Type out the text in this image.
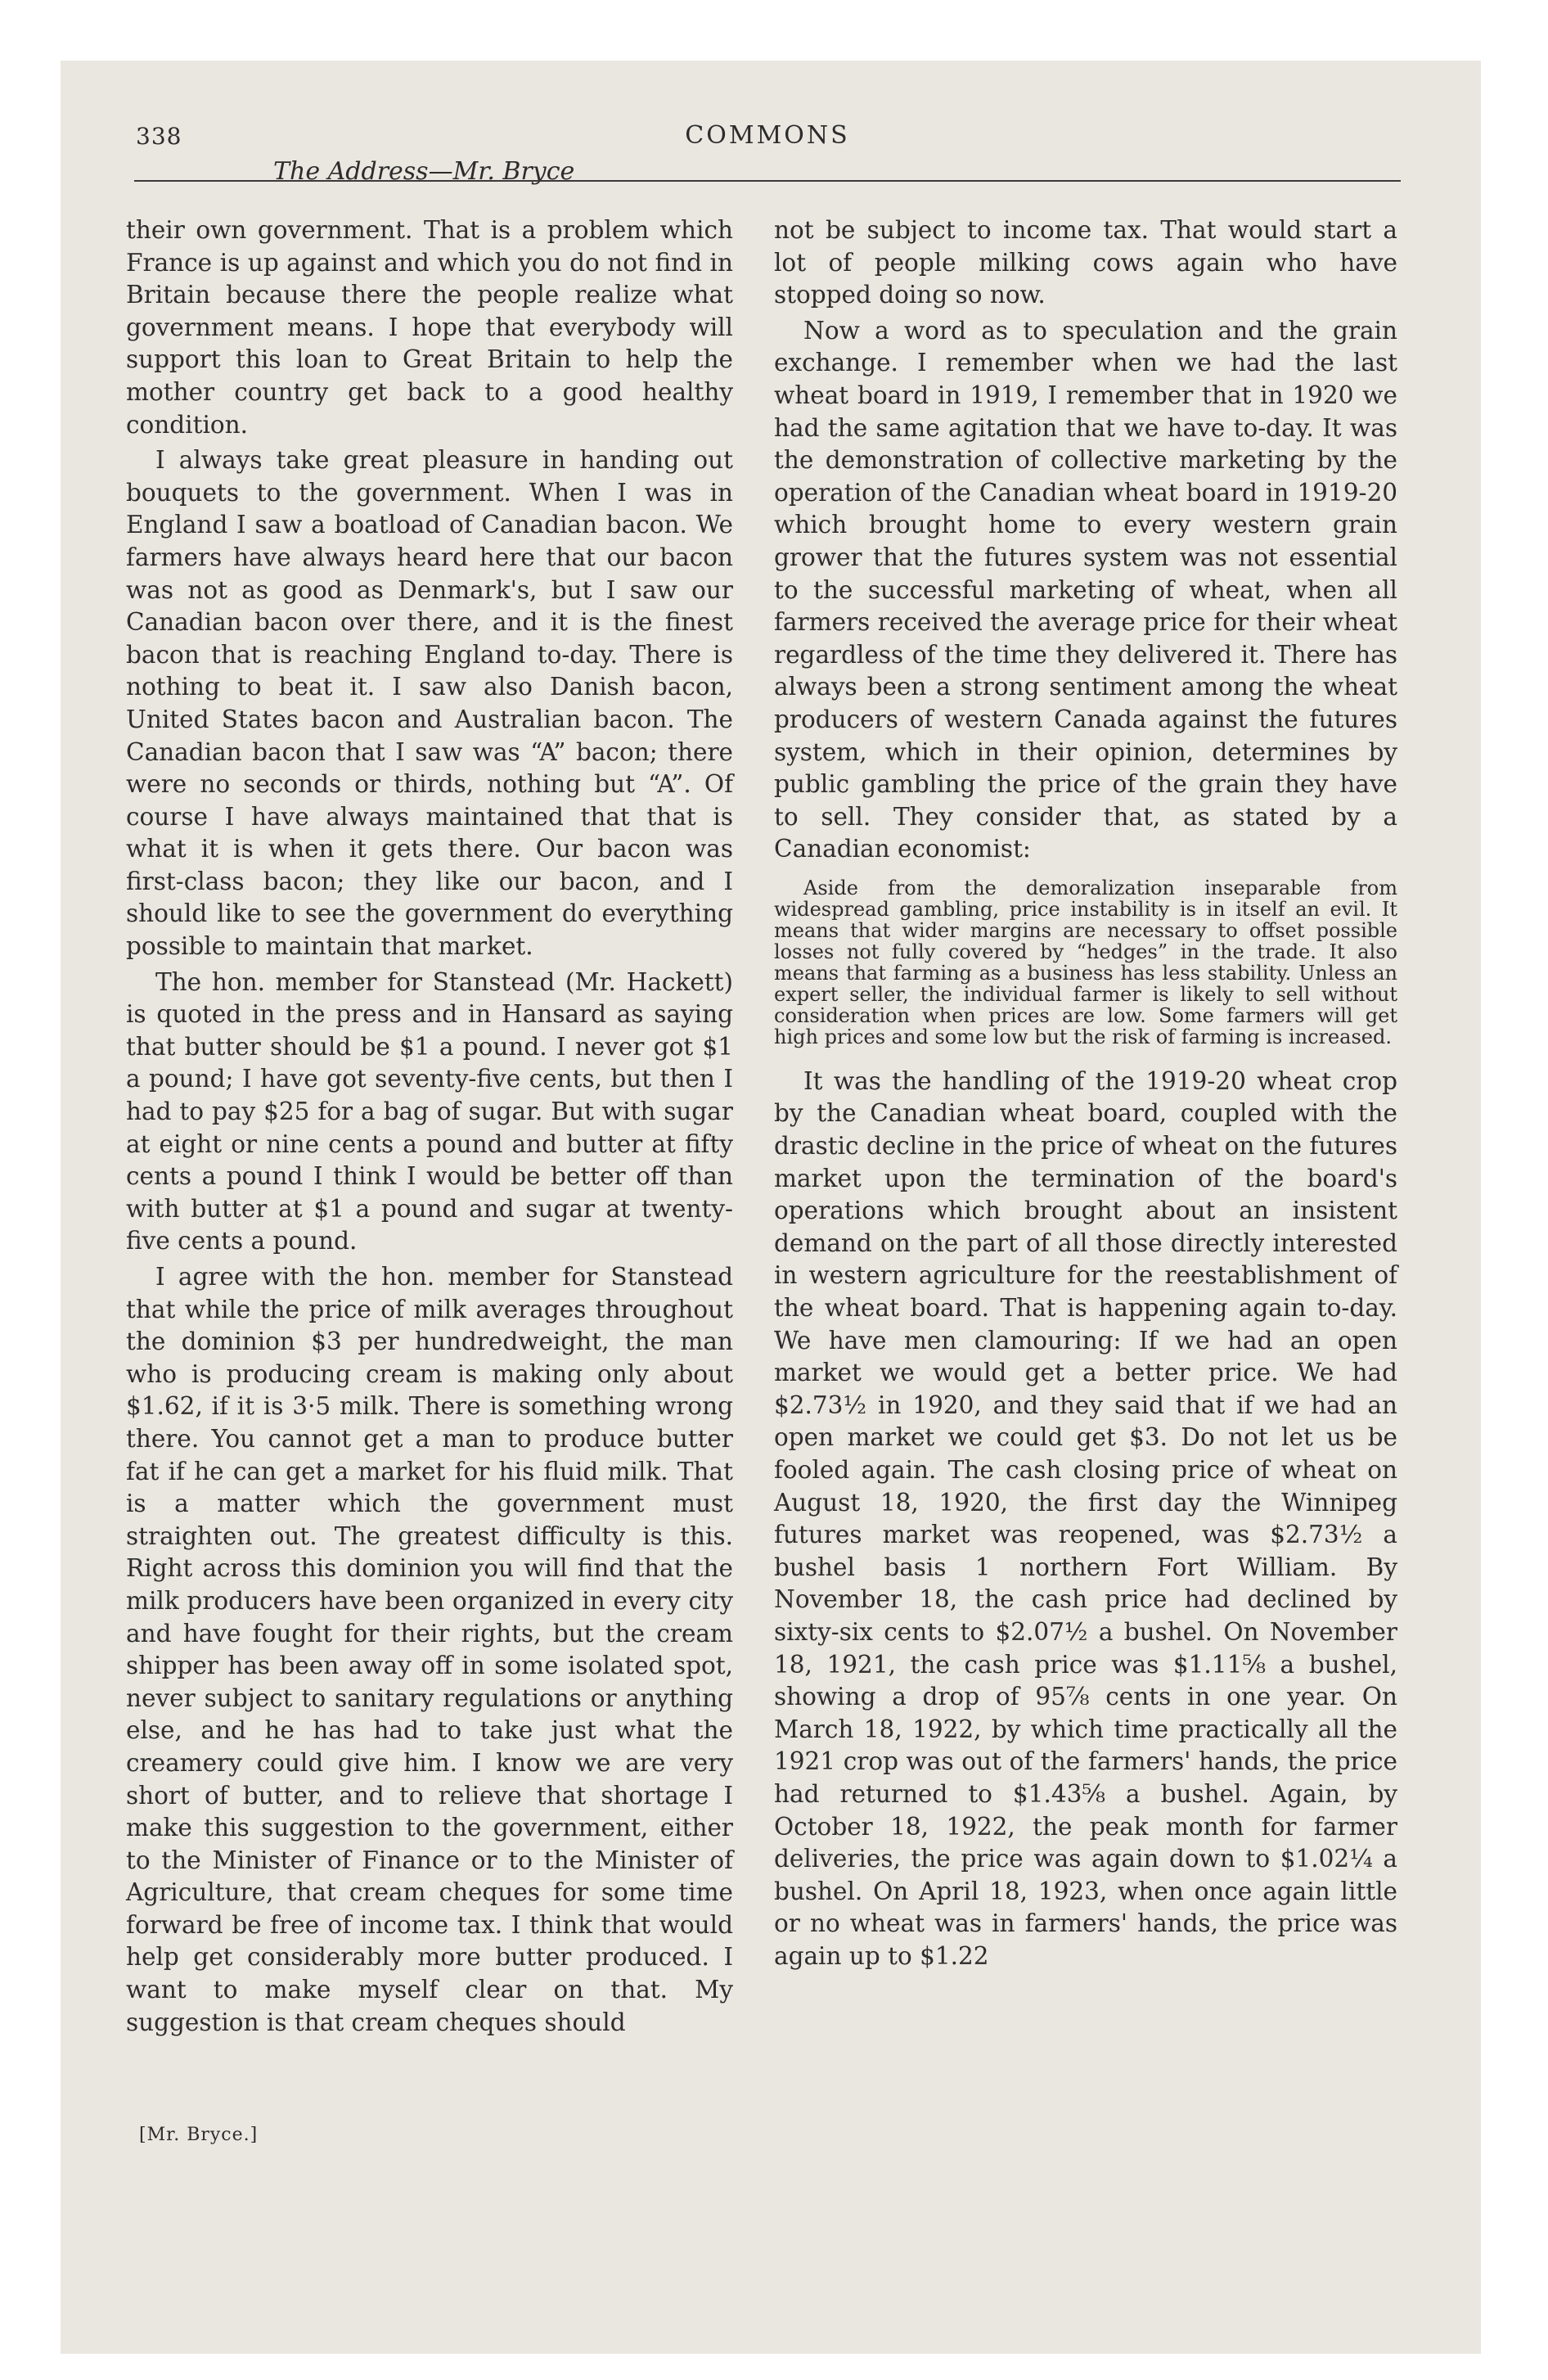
338	COMMONS
The Address—Mr. Bryce

their own government. That is a problem which France is up against and which you do not find in Britain because there the people realize what government means. I hope that everybody will support this loan to Great Britain to help the mother country get back to a good healthy condition.

I always take great pleasure in handing out bouquets to the government. When I was in England I saw a boatload of Canadian bacon. We farmers have always heard here that our bacon was not as good as Denmark's, but I saw our Canadian bacon over there, and it is the finest bacon that is reaching England to-day. There is nothing to beat it. I saw also Danish bacon, United States bacon and Australian bacon. The Canadian bacon that I saw was “A” bacon; there were no seconds or thirds, nothing but “A”. Of course I have always maintained that that is what it is when it gets there. Our bacon was first-class bacon; they like our bacon, and I should like to see the government do everything possible to maintain that market.

The hon. member for Stanstead (Mr. Hackett) is quoted in the press and in Hansard as saying that butter should be $1 a pound. I never got $1 a pound; I have got seventy-five cents, but then I had to pay $25 for a bag of sugar. But with sugar at eight or nine cents a pound and butter at fifty cents a pound I think I would be better off than with butter at $1 a pound and sugar at twenty-five cents a pound.

I agree with the hon. member for Stanstead that while the price of milk averages throughout the dominion $3 per hundredweight, the man who is producing cream is making only about $1.62, if it is 3·5 milk. There is something wrong there. You cannot get a man to produce butter fat if he can get a market for his fluid milk. That is a matter which the government must straighten out. The greatest difficulty is this. Right across this dominion you will find that the milk producers have been organized in every city and have fought for their rights, but the cream shipper has been away off in some isolated spot, never subject to sanitary regulations or anything else, and he has had to take just what the creamery could give him. I know we are very short of butter, and to relieve that shortage I make this suggestion to the government, either to the Minister of Finance or to the Minister of Agriculture, that cream cheques for some time forward be free of income tax. I think that would help get considerably more butter produced. I want to make myself clear on that. My suggestion is that cream cheques should

not be subject to income tax. That would start a lot of people milking cows again who have stopped doing so now.

Now a word as to speculation and the grain exchange. I remember when we had the last wheat board in 1919, I remember that in 1920 we had the same agitation that we have to-day. It was the demonstration of collective marketing by the operation of the Canadian wheat board in 1919-20 which brought home to every western grain grower that the futures system was not essential to the successful marketing of wheat, when all farmers received the average price for their wheat regardless of the time they delivered it. There has always been a strong sentiment among the wheat producers of western Canada against the futures system, which in their opinion, determines by public gambling the price of the grain they have to sell. They consider that, as stated by a Canadian economist:

Aside from the demoralization inseparable from widespread gambling, price instability is in itself an evil. It means that wider margins are necessary to offset possible losses not fully covered by “hedges” in the trade. It also means that farming as a business has less stability. Unless an expert seller, the individual farmer is likely to sell without consideration when prices are low. Some farmers will get high prices and some low but the risk of farming is increased.

It was the handling of the 1919-20 wheat crop by the Canadian wheat board, coupled with the drastic decline in the price of wheat on the futures market upon the termination of the board's operations which brought about an insistent demand on the part of all those directly interested in western agriculture for the reestablishment of the wheat board. That is happening again to-day. We have men clamouring: If we had an open market we would get a better price. We had $2.73½ in 1920, and they said that if we had an open market we could get $3. Do not let us be fooled again. The cash closing price of wheat on August 18, 1920, the first day the Winnipeg futures market was reopened, was $2.73½ a bushel basis 1 northern Fort William. By November 18, the cash price had declined by sixty-six cents to $2.07½ a bushel. On November 18, 1921, the cash price was $1.11⅝ a bushel, showing a drop of 95⅞ cents in one year. On March 18, 1922, by which time practically all the 1921 crop was out of the farmers' hands, the price had returned to $1.43⅝ a bushel. Again, by October 18, 1922, the peak month for farmer deliveries, the price was again down to $1.02¼ a bushel. On April 18, 1923, when once again little or no wheat was in farmers' hands, the price was again up to $1.22

[Mr. Bryce.]
